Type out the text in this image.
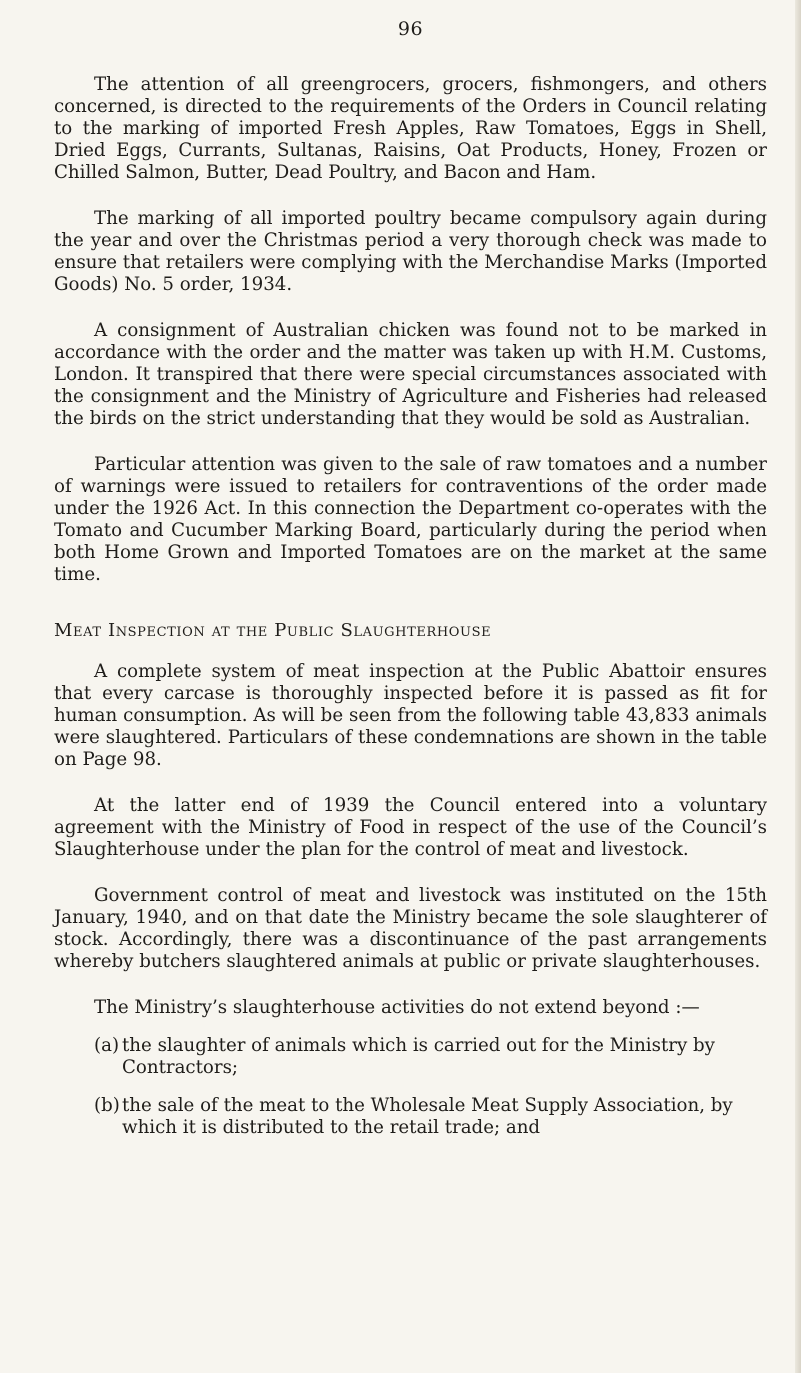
96

The attention of all greengrocers, grocers, fishmongers, and others concerned, is directed to the requirements of the Orders in Council relating to the marking of imported Fresh Apples, Raw Tomatoes, Eggs in Shell, Dried Eggs, Currants, Sultanas, Raisins, Oat Products, Honey, Frozen or Chilled Salmon, Butter, Dead Poultry, and Bacon and Ham.

The marking of all imported poultry became compulsory again during the year and over the Christmas period a very thorough check was made to ensure that retailers were complying with the Merchandise Marks (Imported Goods) No. 5 order, 1934.

A consignment of Australian chicken was found not to be marked in accordance with the order and the matter was taken up with H.M. Customs, London. It transpired that there were special circumstances associated with the consignment and the Ministry of Agriculture and Fisheries had released the birds on the strict understanding that they would be sold as Australian.

Particular attention was given to the sale of raw tomatoes and a number of warnings were issued to retailers for contraventions of the order made under the 1926 Act. In this connection the Department co-operates with the Tomato and Cucumber Marking Board, particularly during the period when both Home Grown and Imported Tomatoes are on the market at the same time.

Meat Inspection at the Public Slaughterhouse

A complete system of meat inspection at the Public Abattoir ensures that every carcase is thoroughly inspected before it is passed as fit for human consumption. As will be seen from the following table 43,833 animals were slaughtered. Particulars of these condemnations are shown in the table on Page 98.

At the latter end of 1939 the Council entered into a voluntary agreement with the Ministry of Food in respect of the use of the Council’s Slaughterhouse under the plan for the control of meat and livestock.

Government control of meat and livestock was instituted on the 15th January, 1940, and on that date the Ministry became the sole slaughterer of stock. Accordingly, there was a discontinuance of the past arrangements whereby butchers slaughtered animals at public or private slaughterhouses.

The Ministry’s slaughterhouse activities do not extend beyond :—

(a) the slaughter of animals which is carried out for the Ministry by Contractors;
(b) the sale of the meat to the Wholesale Meat Supply Association, by which it is distributed to the retail trade; and
